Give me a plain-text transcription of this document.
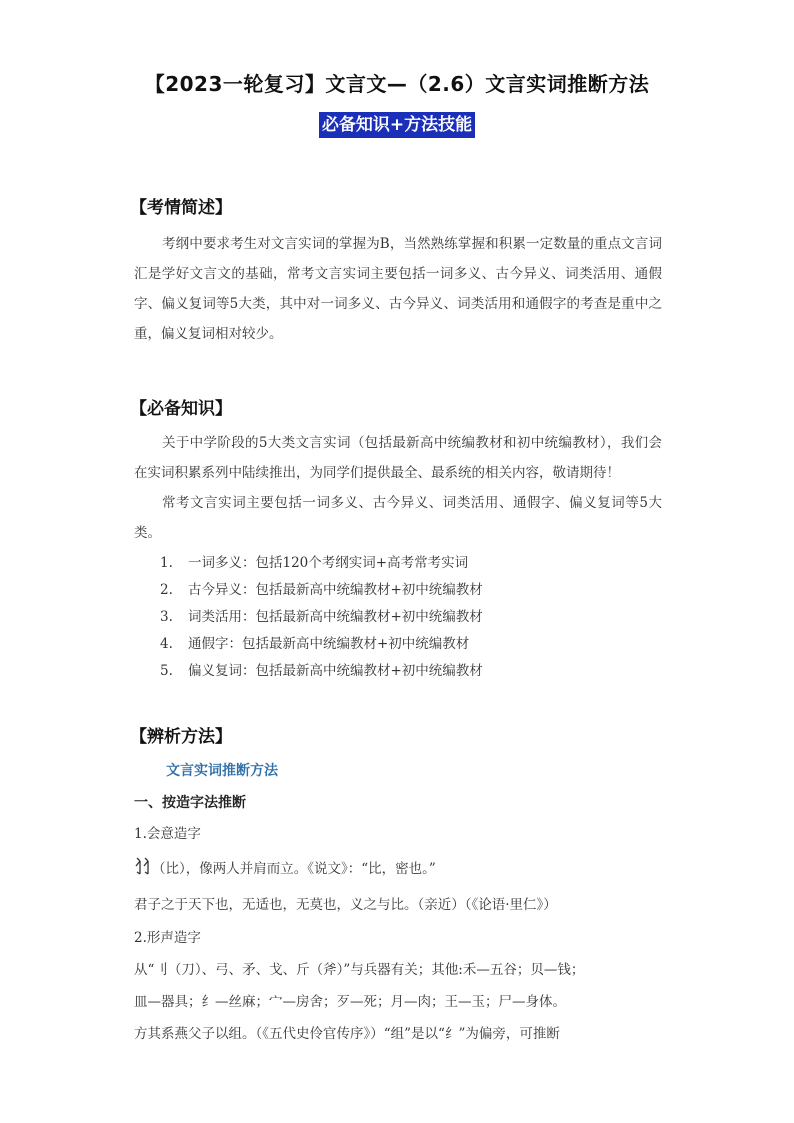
【2023一轮复习】文言文—（2.6）文言实词推断方法
必备知识+方法技能
【考情简述】
考纲中要求考生对文言实词的掌握为B，当然熟练掌握和积累一定数量的重点文言词汇是学好文言文的基础，常考文言实词主要包括一词多义、古今异义、词类活用、通假字、偏义复词等5大类，其中对一词多义、古今异义、词类活用和通假字的考查是重中之重，偏义复词相对较少。
【必备知识】
关于中学阶段的5大类文言实词（包括最新高中统编教材和初中统编教材），我们会在实词积累系列中陆续推出，为同学们提供最全、最系统的相关内容，敬请期待！
常考文言实词主要包括一词多义、古今异义、词类活用、通假字、偏义复词等5大类。
1. 一词多义：包括120个考纲实词+高考常考实词
2. 古今异义：包括最新高中统编教材+初中统编教材
3. 词类活用：包括最新高中统编教材+初中统编教材
4. 通假字：包括最新高中统编教材+初中统编教材
5. 偏义复词：包括最新高中统编教材+初中统编教材
【辨析方法】
文言实词推断方法
一、按造字法推断
1.会意造字
（比），像两人并肩而立。《说文》：“比，密也。”
君子之于天下也，无适也，无莫也，义之与比。（亲近）（《论语·里仁》）
2.形声造字
从“刂（刀）、弓、矛、戈、斤（斧）”与兵器有关；其他:禾—五谷；贝—钱；
皿—器具；纟—丝麻；宀—房舍；歹—死；月—肉；王—玉；尸—身体。
方其系燕父子以组。（《五代史伶官传序》）“组”是以“纟”为偏旁，可推断
